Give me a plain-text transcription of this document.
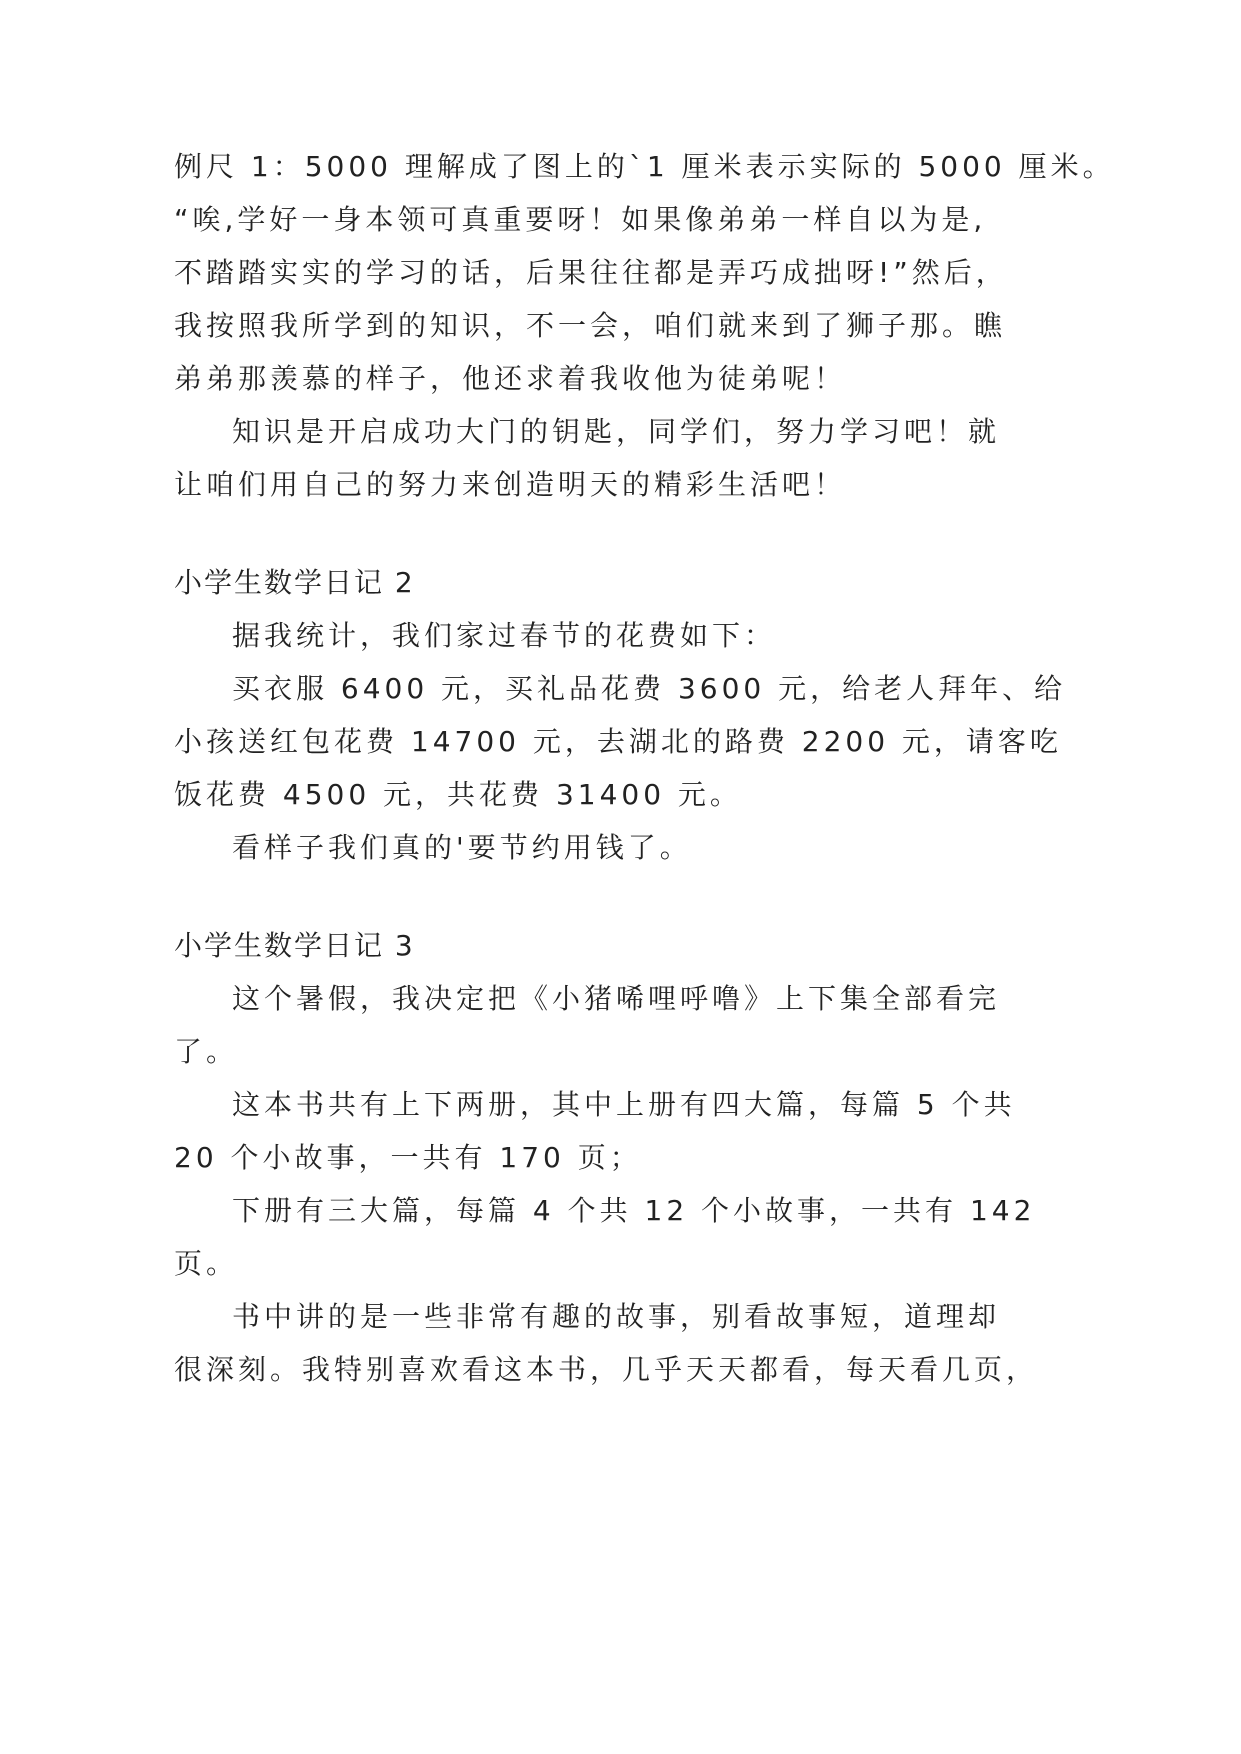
例尺 1：5000 理解成了图上的`1 厘米表示实际的 5000 厘米。
“唉,学好一身本领可真重要呀！如果像弟弟一样自以为是,
不踏踏实实的学习的话，后果往往都是弄巧成拙呀!”然后，
我按照我所学到的知识，不一会，咱们就来到了狮子那。瞧
弟弟那羡慕的样子，他还求着我收他为徒弟呢！
知识是开启成功大门的钥匙，同学们，努力学习吧！就
让咱们用自己的努力来创造明天的精彩生活吧！
小学生数学日记 2
据我统计，我们家过春节的花费如下：
买衣服 6400 元，买礼品花费 3600 元，给老人拜年、给
小孩送红包花费 14700 元，去湖北的路费 2200 元，请客吃
饭花费 4500 元，共花费 31400 元。
看样子我们真的'要节约用钱了。
小学生数学日记 3
这个暑假，我决定把《小猪唏哩呼噜》上下集全部看完
了。
这本书共有上下两册，其中上册有四大篇，每篇 5 个共
20 个小故事，一共有 170 页；
下册有三大篇，每篇 4 个共 12 个小故事，一共有 142
页。
书中讲的是一些非常有趣的故事，别看故事短，道理却
很深刻。我特别喜欢看这本书，几乎天天都看，每天看几页，
